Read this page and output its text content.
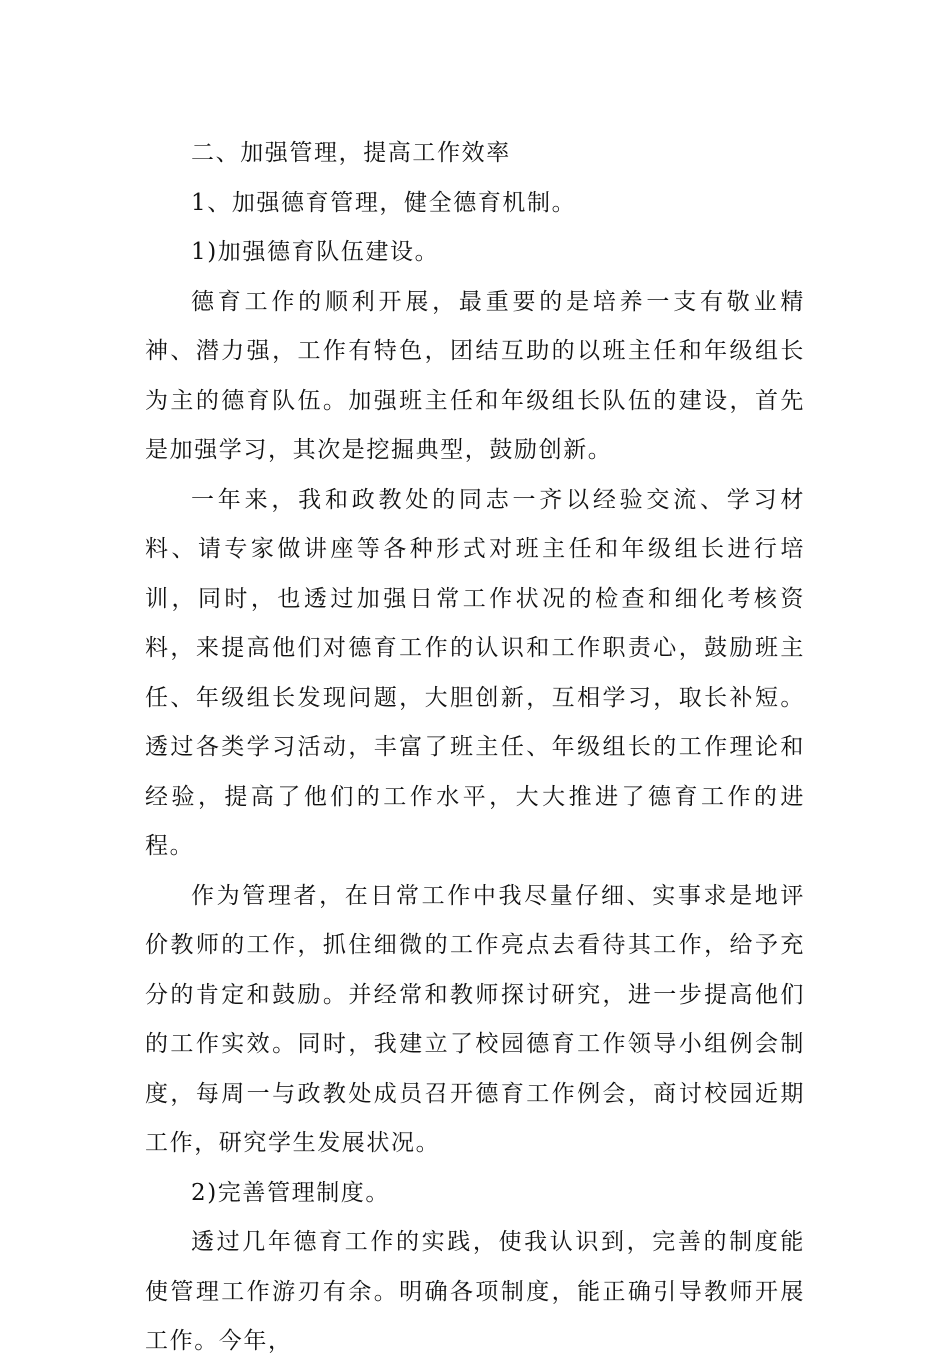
二、加强管理，提高工作效率

1、加强德育管理，健全德育机制。

1)加强德育队伍建设。

德育工作的顺利开展，最重要的是培养一支有敬业精神、潜力强，工作有特色，团结互助的以班主任和年级组长为主的德育队伍。加强班主任和年级组长队伍的建设，首先是加强学习，其次是挖掘典型，鼓励创新。

一年来，我和政教处的同志一齐以经验交流、学习材料、请专家做讲座等各种形式对班主任和年级组长进行培训，同时，也透过加强日常工作状况的检查和细化考核资料，来提高他们对德育工作的认识和工作职责心，鼓励班主任、年级组长发现问题，大胆创新，互相学习，取长补短。透过各类学习活动，丰富了班主任、年级组长的工作理论和经验，提高了他们的工作水平，大大推进了德育工作的进程。

作为管理者，在日常工作中我尽量仔细、实事求是地评价教师的工作，抓住细微的工作亮点去看待其工作，给予充分的肯定和鼓励。并经常和教师探讨研究，进一步提高他们的工作实效。同时，我建立了校园德育工作领导小组例会制度，每周一与政教处成员召开德育工作例会，商讨校园近期工作，研究学生发展状况。

2)完善管理制度。

透过几年德育工作的实践，使我认识到，完善的制度能使管理工作游刃有余。明确各项制度，能正确引导教师开展工作。今年，
